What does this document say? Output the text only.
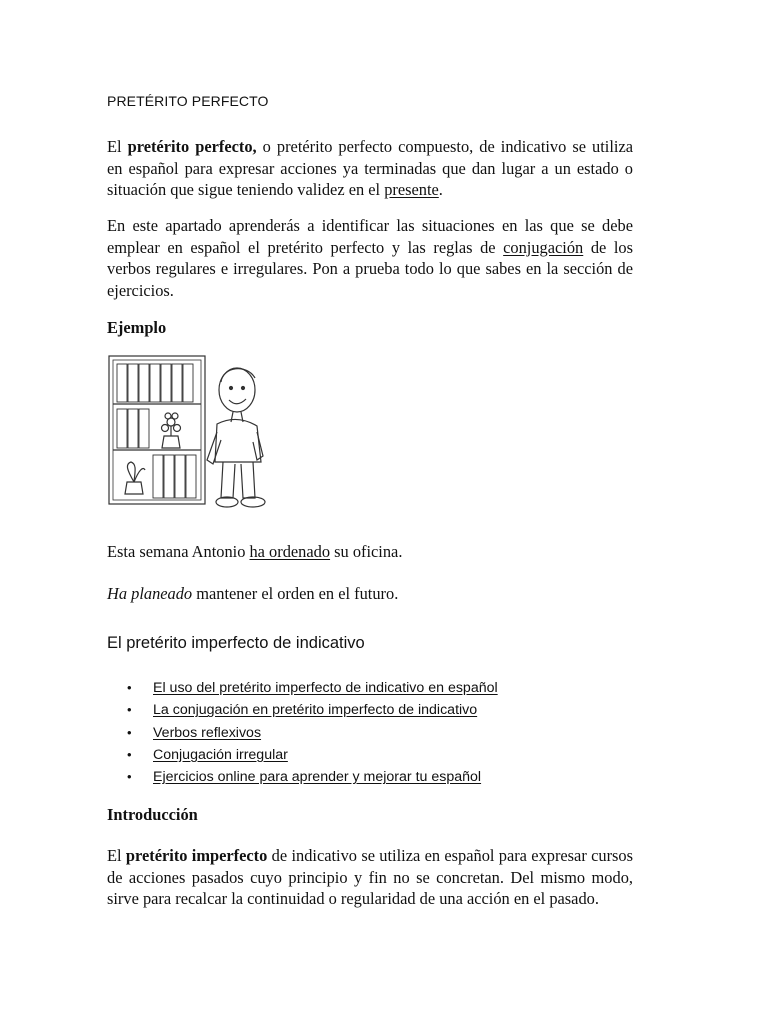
PRETÉRITO PERFECTO

El pretérito perfecto, o pretérito perfecto compuesto, de indicativo se utiliza en español para expresar acciones ya terminadas que dan lugar a un estado o situación que sigue teniendo validez en el presente.

En este apartado aprenderás a identificar las situaciones en las que se debe emplear en español el pretérito perfecto y las reglas de conjugación de los verbos regulares e irregulares. Pon a prueba todo lo que sabes en la sección de ejercicios.

Ejemplo
Esta semana Antonio ha ordenado su oficina.
Ha planeado mantener el orden en el futuro.
El pretérito imperfecto de indicativo
• El uso del pretérito imperfecto de indicativo en español
• La conjugación en pretérito imperfecto de indicativo
• Verbos reflexivos
• Conjugación irregular
• Ejercicios online para aprender y mejorar tu español
Introducción

El pretérito imperfecto de indicativo se utiliza en español para expresar cursos de acciones pasados cuyo principio y fin no se concretan. Del mismo modo, sirve para recalcar la continuidad o regularidad de una acción en el pasado.
